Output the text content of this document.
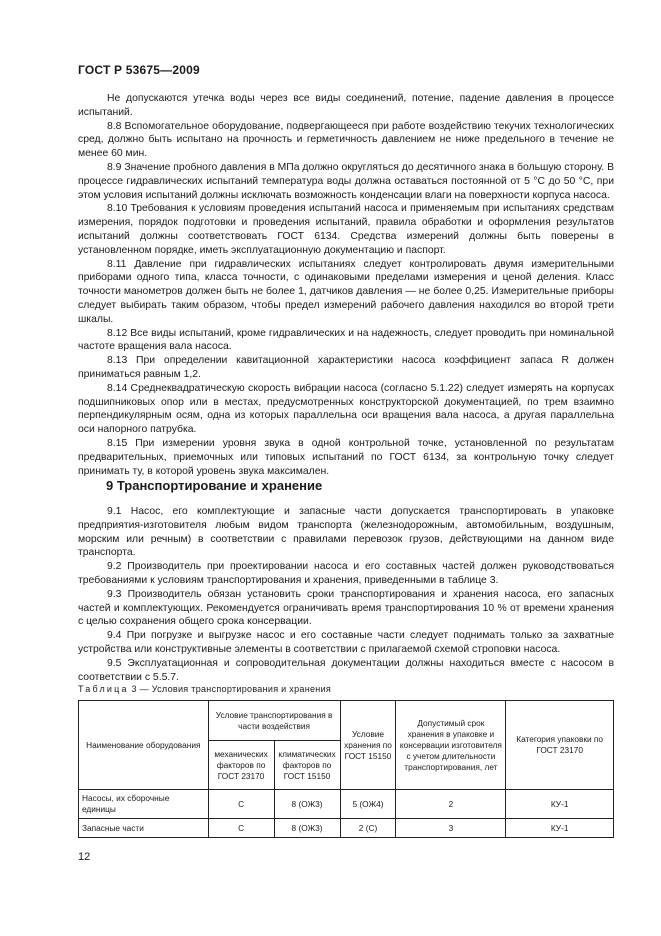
ГОСТ Р 53675—2009

Не допускаются утечка воды через все виды соединений, потение, падение давления в процессе испытаний.

8.8 Вспомогательное оборудование, подвергающееся при работе воздействию текучих технологических сред, должно быть испытано на прочность и герметичность давлением не ниже предельного в течение не менее 60 мин.

8.9 Значение пробного давления в МПа должно округляться до десятичного знака в большую сторону. В процессе гидравлических испытаний температура воды должна оставаться постоянной от 5 °С до 50 °С, при этом условия испытаний должны исключать возможность конденсации влаги на поверхности корпуса насоса.

8.10 Требования к условиям проведения испытаний насоса и применяемым при испытаниях средствам измерения, порядок подготовки и проведения испытаний, правила обработки и оформления результатов испытаний должны соответствовать ГОСТ 6134. Средства измерений должны быть поверены в установленном порядке, иметь эксплуатационную документацию и паспорт.

8.11 Давление при гидравлических испытаниях следует контролировать двумя измерительными приборами одного типа, класса точности, с одинаковыми пределами измерения и ценой деления. Класс точности манометров должен быть не более 1, датчиков давления — не более 0,25. Измерительные приборы следует выбирать таким образом, чтобы предел измерений рабочего давления находился во второй трети шкалы.

8.12 Все виды испытаний, кроме гидравлических и на надежность, следует проводить при номинальной частоте вращения вала насоса.

8.13 При определении кавитационной характеристики насоса коэффициент запаса R должен приниматься равным 1,2.

8.14 Среднеквадратическую скорость вибрации насоса (согласно 5.1.22) следует измерять на корпусах подшипниковых опор или в местах, предусмотренных конструкторской документацией, по трем взаимно перпендикулярным осям, одна из которых параллельна оси вращения вала насоса, а другая параллельна оси напорного патрубка.

8.15 При измерении уровня звука в одной контрольной точке, установленной по результатам предварительных, приемочных или типовых испытаний по ГОСТ 6134, за контрольную точку следует принимать ту, в которой уровень звука максимален.

9 Транспортирование и хранение

9.1 Насос, его комплектующие и запасные части допускается транспортировать в упаковке предприятия-изготовителя любым видом транспорта (железнодорожным, автомобильным, воздушным, морским или речным) в соответствии с правилами перевозок грузов, действующими на данном виде транспорта.

9.2 Производитель при проектировании насоса и его составных частей должен руководствоваться требованиями к условиям транспортирования и хранения, приведенными в таблице 3.

9.3 Производитель обязан установить сроки транспортирования и хранения насоса, его запасных частей и комплектующих. Рекомендуется ограничивать время транспортирования 10 % от времени хранения с целью сохранения общего срока консервации.

9.4 При погрузке и выгрузке насос и его составные части следует поднимать только за захватные устройства или конструктивные элементы в соответствии с прилагаемой схемой строповки насоса.

9.5 Эксплуатационная и сопроводительная документации должны находиться вместе с насосом в соответствии с 5.5.7.

Таблица 3 — Условия транспортирования и хранения
Наименование оборудования	Условие транспортирования в части воздействия		Условие хранения по ГОСТ 15150	Допустимый срок хранения в упаковке и консервации изготовителя с учетом длительности транспортирования, лет	Категория упаковки по ГОСТ 23170
	механических факторов по ГОСТ 23170	климатических факторов по ГОСТ 15150			
Насосы, их сборочные единицы	С	8 (ОЖ3)	5 (ОЖ4)	2	КУ-1
Запасные части	С	8 (ОЖ3)	2 (С)	3	КУ-1
12
